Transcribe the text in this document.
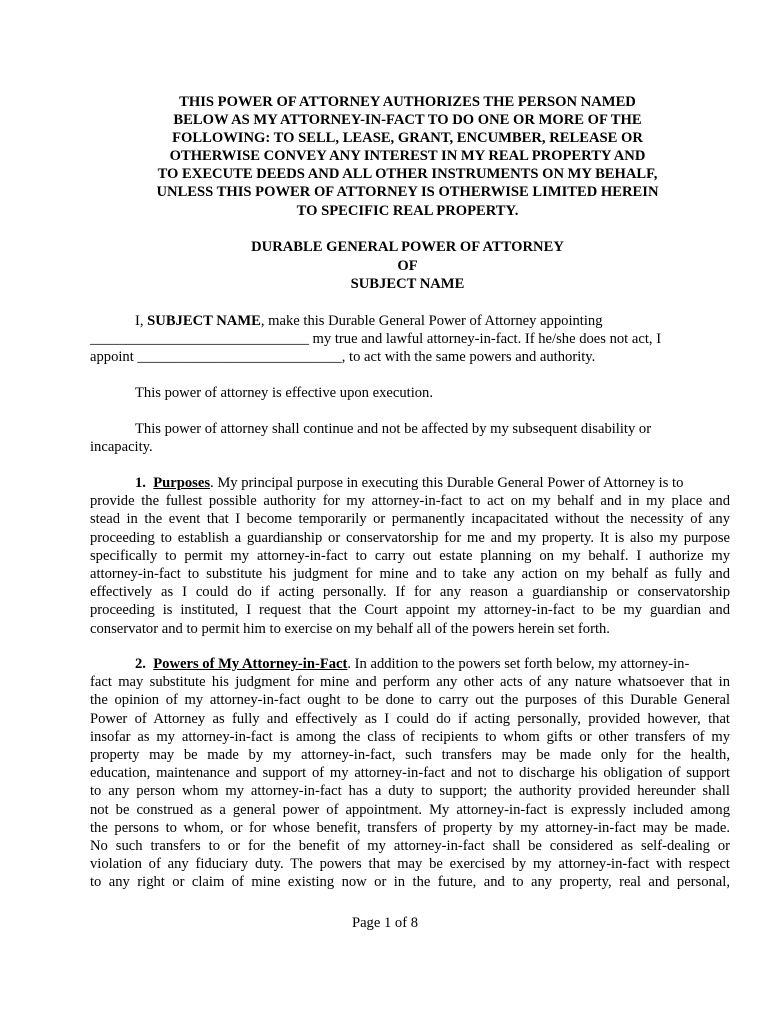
THIS POWER OF ATTORNEY AUTHORIZES THE PERSON NAMED
BELOW AS MY ATTORNEY-IN-FACT TO DO ONE OR MORE OF THE
FOLLOWING: TO SELL, LEASE, GRANT, ENCUMBER, RELEASE OR
OTHERWISE CONVEY ANY INTEREST IN MY REAL PROPERTY AND
TO EXECUTE DEEDS AND ALL OTHER INSTRUMENTS ON MY BEHALF,
UNLESS THIS POWER OF ATTORNEY IS OTHERWISE LIMITED HEREIN
TO SPECIFIC REAL PROPERTY.
DURABLE GENERAL POWER OF ATTORNEY
OF
SUBJECT NAME
I, SUBJECT NAME, make this Durable General Power of Attorney appointing
______________________________ my true and lawful attorney-in-fact. If he/she does not act, I
appoint ____________________________, to act with the same powers and authority.
This power of attorney is effective upon execution.
This power of attorney shall continue and not be affected by my subsequent disability or
incapacity.
1. Purposes. My principal purpose in executing this Durable General Power of Attorney is to
provide the fullest possible authority for my attorney-in-fact to act on my behalf and in my place and
stead in the event that I become temporarily or permanently incapacitated without the necessity of any
proceeding to establish a guardianship or conservatorship for me and my property. It is also my purpose
specifically to permit my attorney-in-fact to carry out estate planning on my behalf. I authorize my
attorney-in-fact to substitute his judgment for mine and to take any action on my behalf as fully and
effectively as I could do if acting personally. If for any reason a guardianship or conservatorship
proceeding is instituted, I request that the Court appoint my attorney-in-fact to be my guardian and
conservator and to permit him to exercise on my behalf all of the powers herein set forth.
2. Powers of My Attorney-in-Fact. In addition to the powers set forth below, my attorney-in-
fact may substitute his judgment for mine and perform any other acts of any nature whatsoever that in
the opinion of my attorney-in-fact ought to be done to carry out the purposes of this Durable General
Power of Attorney as fully and effectively as I could do if acting personally, provided however, that
insofar as my attorney-in-fact is among the class of recipients to whom gifts or other transfers of my
property may be made by my attorney-in-fact, such transfers may be made only for the health,
education, maintenance and support of my attorney-in-fact and not to discharge his obligation of support
to any person whom my attorney-in-fact has a duty to support; the authority provided hereunder shall
not be construed as a general power of appointment. My attorney-in-fact is expressly included among
the persons to whom, or for whose benefit, transfers of property by my attorney-in-fact may be made.
No such transfers to or for the benefit of my attorney-in-fact shall be considered as self-dealing or
violation of any fiduciary duty. The powers that may be exercised by my attorney-in-fact with respect
to any right or claim of mine existing now or in the future, and to any property, real and personal,
Page 1 of 8
